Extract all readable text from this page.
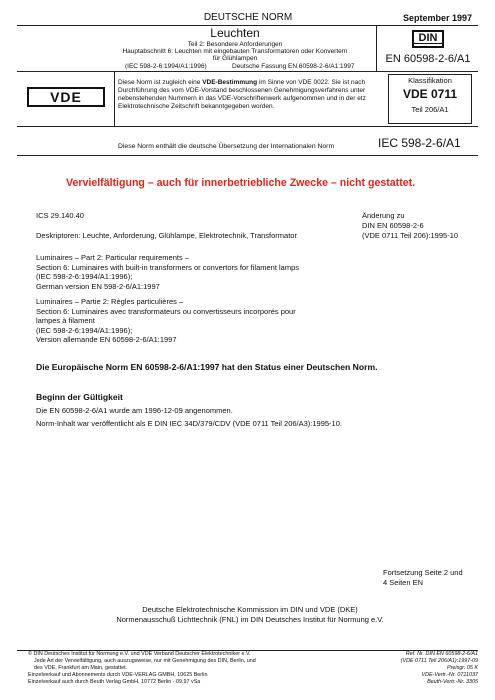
DEUTSCHE NORM	September 1997
Leuchten
Teil 2: Besondere Anforderungen
Hauptabschnitt 6: Leuchten mit eingebauten Transformatoren oder Konvertern
für Glühlampen
(IEC 598-2-6:1994/A1:1996)	Deutsche Fassung EN 60598-2-6/A1:1997
DIN
EN 60598-2-6/A1
VDE
Diese Norm ist zugleich eine VDE-Bestimmung im Sinne von VDE 0022. Sie ist nach Durchführung des vom VDE-Vorstand beschlossenen Genehmigungsverfahrens unter nebenstehenden Nummern in das VDE-Vorschriftenwerk aufgenommen und in der etz Elektrotechnische Zeitschrift bekanntgegeben worden.
Klassifikation
VDE 0711
Teil 206/A1
Diese Norm enthält die deutsche Übersetzung der Internationalen Norm	IEC 598-2-6/A1
Vervielfältigung – auch für innerbetriebliche Zwecke – nicht gestattet.
ICS 29.140.40
Deskriptoren: Leuchte, Anforderung, Glühlampe, Elektrotechnik, Transformator
Änderung zu
DIN EN 60598-2-6
(VDE 0711 Teil 206):1995-10
Luminaires – Part 2: Particular requirements –
Section 6: Luminaires with built-in transformers or convertors for filament lamps
(IEC 598-2-6:1994/A1:1996);
German version EN 598-2-6/A1:1997
Luminaires – Partie 2: Règles particulières –
Section 6: Luminaires avec transformateurs ou convertisseurs incorporés pour
lampes à filament
(IEC 598-2-6:1994/A1:1996);
Version allemande EN 60598-2-6/A1:1997
Die Europäische Norm EN 60598-2-6/A1:1997 hat den Status einer Deutschen Norm.
Beginn der Gültigkeit
Die EN 60598-2-6/A1 wurde am 1996-12-09 angenommen.
Norm-Inhalt war veröffentlicht als E DIN IEC 34D/379/CDV (VDE 0711 Teil 206/A3):1995-10.
Fortsetzung Seite 2 und
4 Seiten EN
Deutsche Elektrotechnische Kommission im DIN und VDE (DKE)
Normenausschuß Lichttechnik (FNL) im DIN Deutsches Institut für Normung e.V.
© DIN Deutsches Institut für Normung e.V. und VDE Verband Deutscher Elektrotechniker e.V.
Jede Art der Vervielfältigung, auch auszugsweise, nur mit Genehmigung des DIN, Berlin, und
des VDE, Frankfurt am Main, gestattet.
Einzelverkauf und Abonnements durch VDE-VERLAG GMBH, 10625 Berlin
Einzelverkauf auch durch Beuth Verlag GmbH, 10772 Berlin · 09.97 vSa
Ref. Nr. DIN EN 60598-2-6/A1
(VDE 0711 Teil 206/A1):1997-09
Preisgr. 05 K
VDE-Vertr.-Nr. 0711037
Beuth-Vertr.-Nr. 3305
